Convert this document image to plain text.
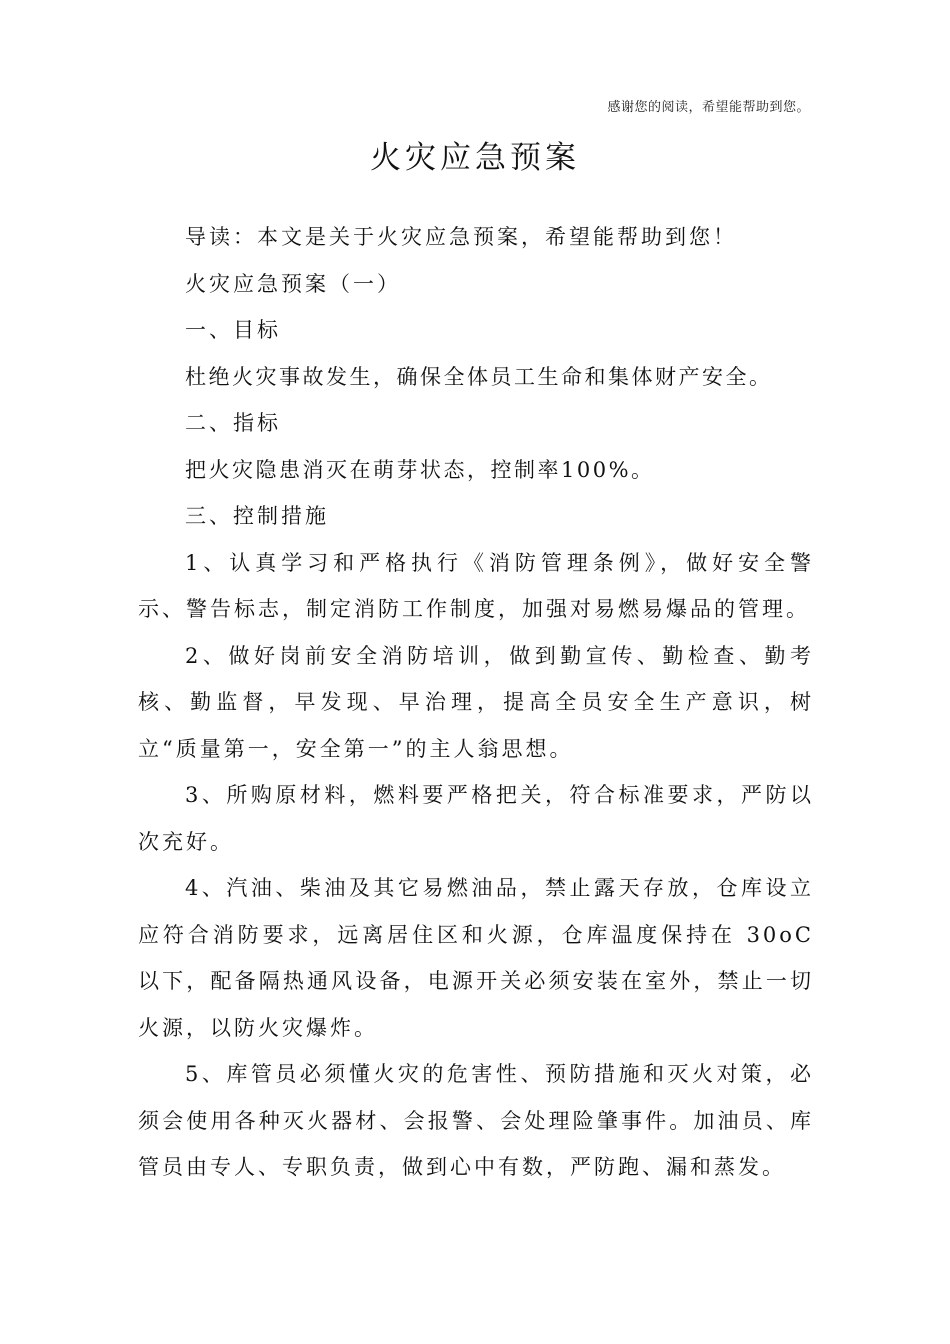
感谢您的阅读，希望能帮助到您。
火灾应急预案

导读：本文是关于火灾应急预案，希望能帮助到您！

火灾应急预案（一）

一、目标

杜绝火灾事故发生，确保全体员工生命和集体财产安全。

二、指标

把火灾隐患消灭在萌芽状态，控制率100%。

三、控制措施

1、认真学习和严格执行《消防管理条例》，做好安全警示、警告标志，制定消防工作制度，加强对易燃易爆品的管理。

2、做好岗前安全消防培训，做到勤宣传、勤检查、勤考核、勤监督，早发现、早治理，提高全员安全生产意识，树立“质量第一，安全第一”的主人翁思想。

3、所购原材料，燃料要严格把关，符合标准要求，严防以次充好。

4、汽油、柴油及其它易燃油品，禁止露天存放，仓库设立应符合消防要求，远离居住区和火源，仓库温度保持在 30oC 以下，配备隔热通风设备，电源开关必须安装在室外，禁止一切火源，以防火灾爆炸。

5、库管员必须懂火灾的危害性、预防措施和灭火对策，必须会使用各种灭火器材、会报警、会处理险肇事件。加油员、库管员由专人、专职负责，做到心中有数，严防跑、漏和蒸发。
